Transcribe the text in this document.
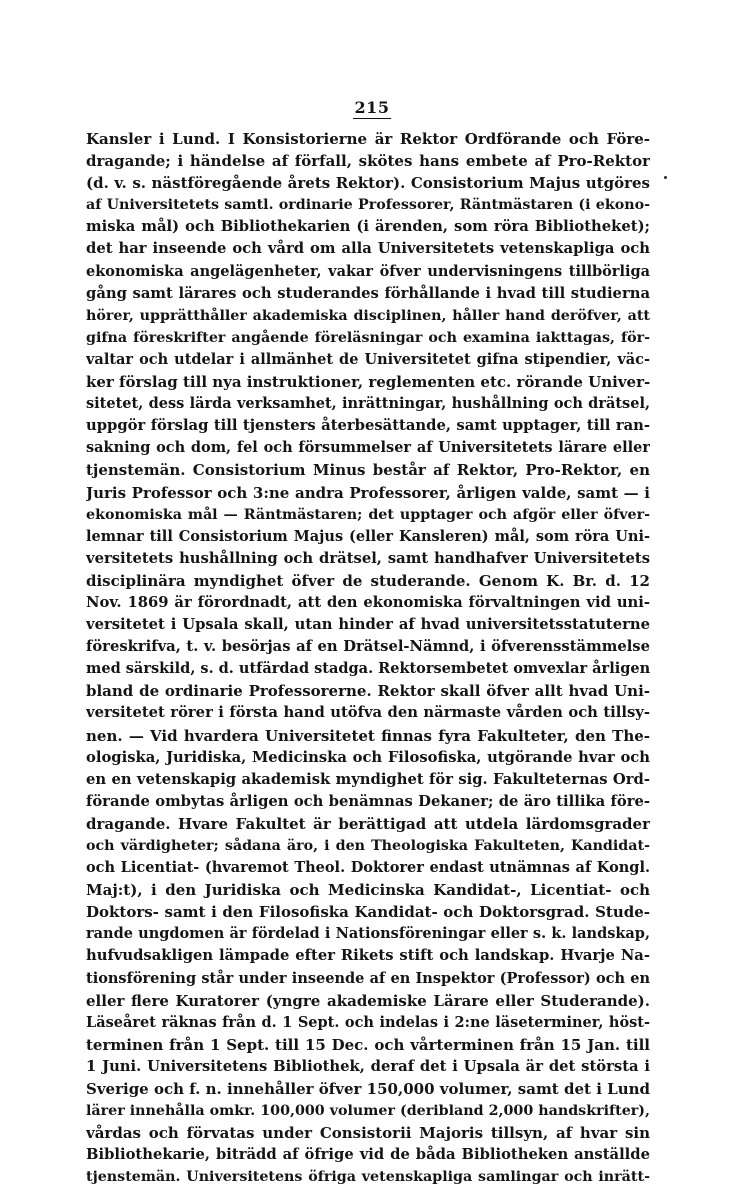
215
Kansler i Lund. I Konsistorierne är Rektor Ordförande och Före-
dragande; i händelse af förfall, skötes hans embete af Pro-Rektor
(d. v. s. nästföregående årets Rektor). Consistorium Majus utgöres
af Universitetets samtl. ordinarie Professorer, Räntmästaren (i ekono-
miska mål) och Bibliothekarien (i ärenden, som röra Bibliotheket);
det har inseende och vård om alla Universitetets vetenskapliga och
ekonomiska angelägenheter, vakar öfver undervisningens tillbörliga
gång samt lärares och studerandes förhållande i hvad till studierna
hörer, upprätthåller akademiska disciplinen, håller hand deröfver, att
gifna föreskrifter angående föreläsningar och examina iakttagas, för-
valtar och utdelar i allmänhet de Universitetet gifna stipendier, väc-
ker förslag till nya instruktioner, reglementen etc. rörande Univer-
sitetet, dess lärda verksamhet, inrättningar, hushållning och drätsel,
uppgör förslag till tjensters återbesättande, samt upptager, till ran-
sakning och dom, fel och försummelser af Universitetets lärare eller
tjenstemän. Consistorium Minus består af Rektor, Pro-Rektor, en
Juris Professor och 3:ne andra Professorer, årligen valde, samt — i
ekonomiska mål — Räntmästaren; det upptager och afgör eller öfver-
lemnar till Consistorium Majus (eller Kansleren) mål, som röra Uni-
versitetets hushållning och drätsel, samt handhafver Universitetets
disciplinära myndighet öfver de studerande. Genom K. Br. d. 12
Nov. 1869 är förordnadt, att den ekonomiska förvaltningen vid uni-
versitetet i Upsala skall, utan hinder af hvad universitetsstatuterne
föreskrifva, t. v. besörjas af en Drätsel-Nämnd, i öfverensstämmelse
med särskild, s. d. utfärdad stadga. Rektorsembetet omvexlar årligen
bland de ordinarie Professorerne. Rektor skall öfver allt hvad Uni-
versitetet rörer i första hand utöfva den närmaste vården och tillsy-
nen. — Vid hvardera Universitetet finnas fyra Fakulteter, den The-
ologiska, Juridiska, Medicinska och Filosofiska, utgörande hvar och
en en vetenskapig akademisk myndighet för sig. Fakulteternas Ord-
förande ombytas årligen och benämnas Dekaner; de äro tillika före-
dragande. Hvare Fakultet är berättigad att utdela lärdomsgrader
och värdigheter; sådana äro, i den Theologiska Fakulteten, Kandidat-
och Licentiat- (hvaremot Theol. Doktorer endast utnämnas af Kongl.
Maj:t), i den Juridiska och Medicinska Kandidat-, Licentiat- och
Doktors- samt i den Filosofiska Kandidat- och Doktorsgrad. Stude-
rande ungdomen är fördelad i Nationsföreningar eller s. k. landskap,
hufvudsakligen lämpade efter Rikets stift och landskap. Hvarje Na-
tionsförening står under inseende af en Inspektor (Professor) och en
eller flere Kuratorer (yngre akademiske Lärare eller Studerande).
Läseåret räknas från d. 1 Sept. och indelas i 2:ne läseterminer, höst-
terminen från 1 Sept. till 15 Dec. och vårterminen från 15 Jan. till
1 Juni. Universitetens Bibliothek, deraf det i Upsala är det största i
Sverige och f. n. innehåller öfver 150,000 volumer, samt det i Lund
lärer innehålla omkr. 100,000 volumer (deribland 2,000 handskrifter),
vårdas och förvatas under Consistorii Majoris tillsyn, af hvar sin
Bibliothekarie, biträdd af öfrige vid de båda Bibliotheken anställde
tjenstemän. Universitetens öfriga vetenskapliga samlingar och inrätt-
